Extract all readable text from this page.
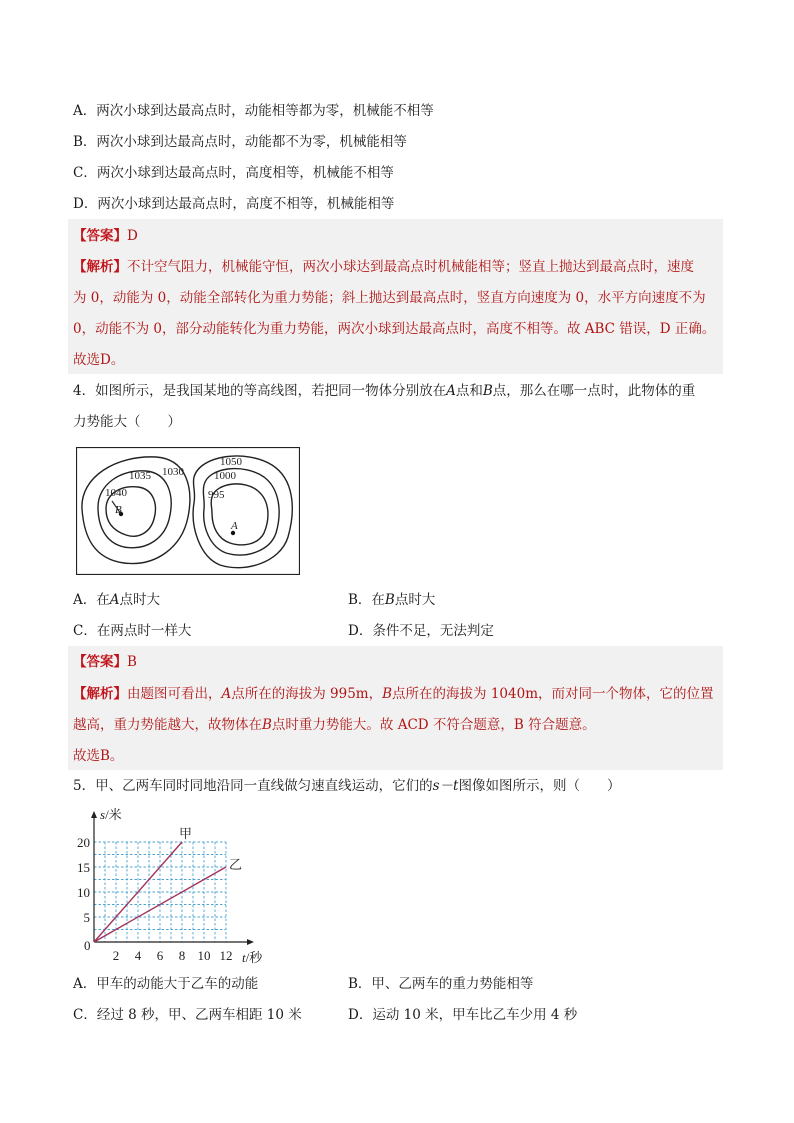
A．两次小球到达最高点时，动能相等都为零，机械能不相等
B．两次小球到达最高点时，动能都不为零，机械能相等
C．两次小球到达最高点时，高度相等，机械能不相等
D．两次小球到达最高点时，高度不相等，机械能相等
【答案】D
【解析】不计空气阻力，机械能守恒，两次小球达到最高点时机械能相等；竖直上抛达到最高点时，速度
为 0，动能为 0，动能全部转化为重力势能；斜上抛达到最高点时，竖直方向速度为 0，水平方向速度不为
0，动能不为 0，部分动能转化为重力势能，两次小球到达最高点时，高度不相等。故 ABC 错误，D 正确。
故选D。
4．如图所示，是我国某地的等高线图，若把同一物体分别放在A点和B点，那么在哪一点时，此物体的重
力势能大（　　）
1035 1030
1040
1050
1000
995
B
A
A．在A点时大	B．在B点时大
C．在两点时一样大	D．条件不足，无法判定
【答案】B
【解析】由题图可看出，A点所在的海拔为 995m，B点所在的海拔为 1040m，而对同一个物体，它的位置
越高，重力势能越大，故物体在B点时重力势能大。故 ACD 不符合题意，B 符合题意。
故选B。
5．甲、乙两车同时同地沿同一直线做匀速直线运动，它们的s－t图像如图所示，则（　　）
甲
乙
2 4 6 8 10 12
5
10
15
20
0
s/米
t/秒
A．甲车的动能大于乙车的动能	B．甲、乙两车的重力势能相等
C．经过 8 秒，甲、乙两车相距 10 米	D．运动 10 米，甲车比乙车少用 4 秒
